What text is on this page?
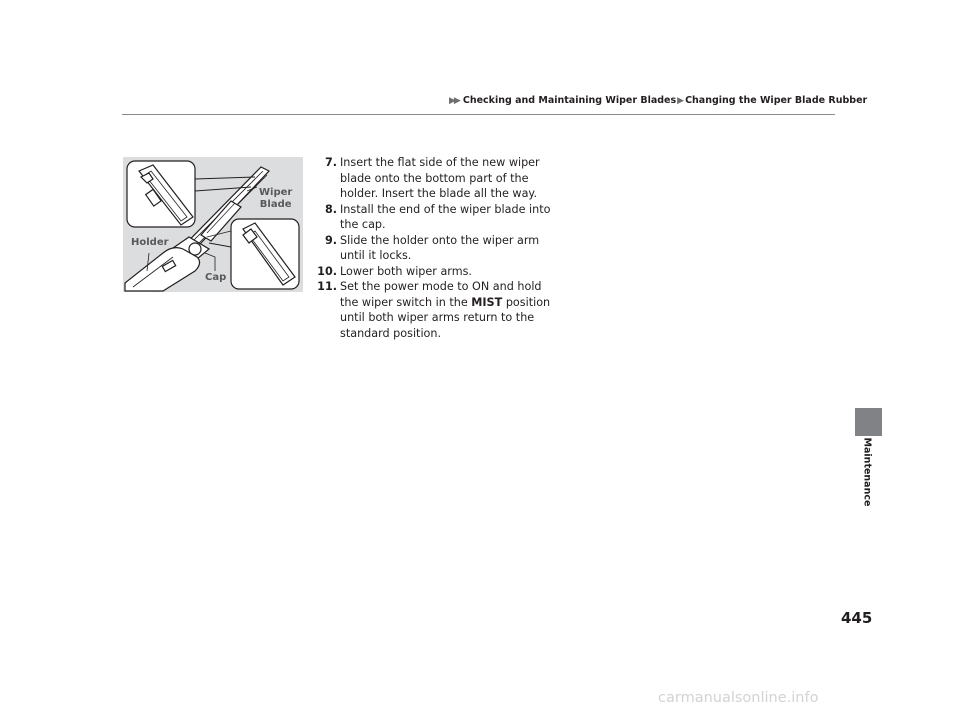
▶▶ Checking and Maintaining Wiper Blades ▶ Changing the Wiper Blade Rubber
Wiper
Blade
Holder
Cap
7. Insert the flat side of the new wiper blade onto the bottom part of the holder. Insert the blade all the way.
8. Install the end of the wiper blade into the cap.
9. Slide the holder onto the wiper arm until it locks.
10. Lower both wiper arms.
11. Set the power mode to ON and hold the wiper switch in the MIST position until both wiper arms return to the standard position.
Maintenance
445
carmanualsonline.info
